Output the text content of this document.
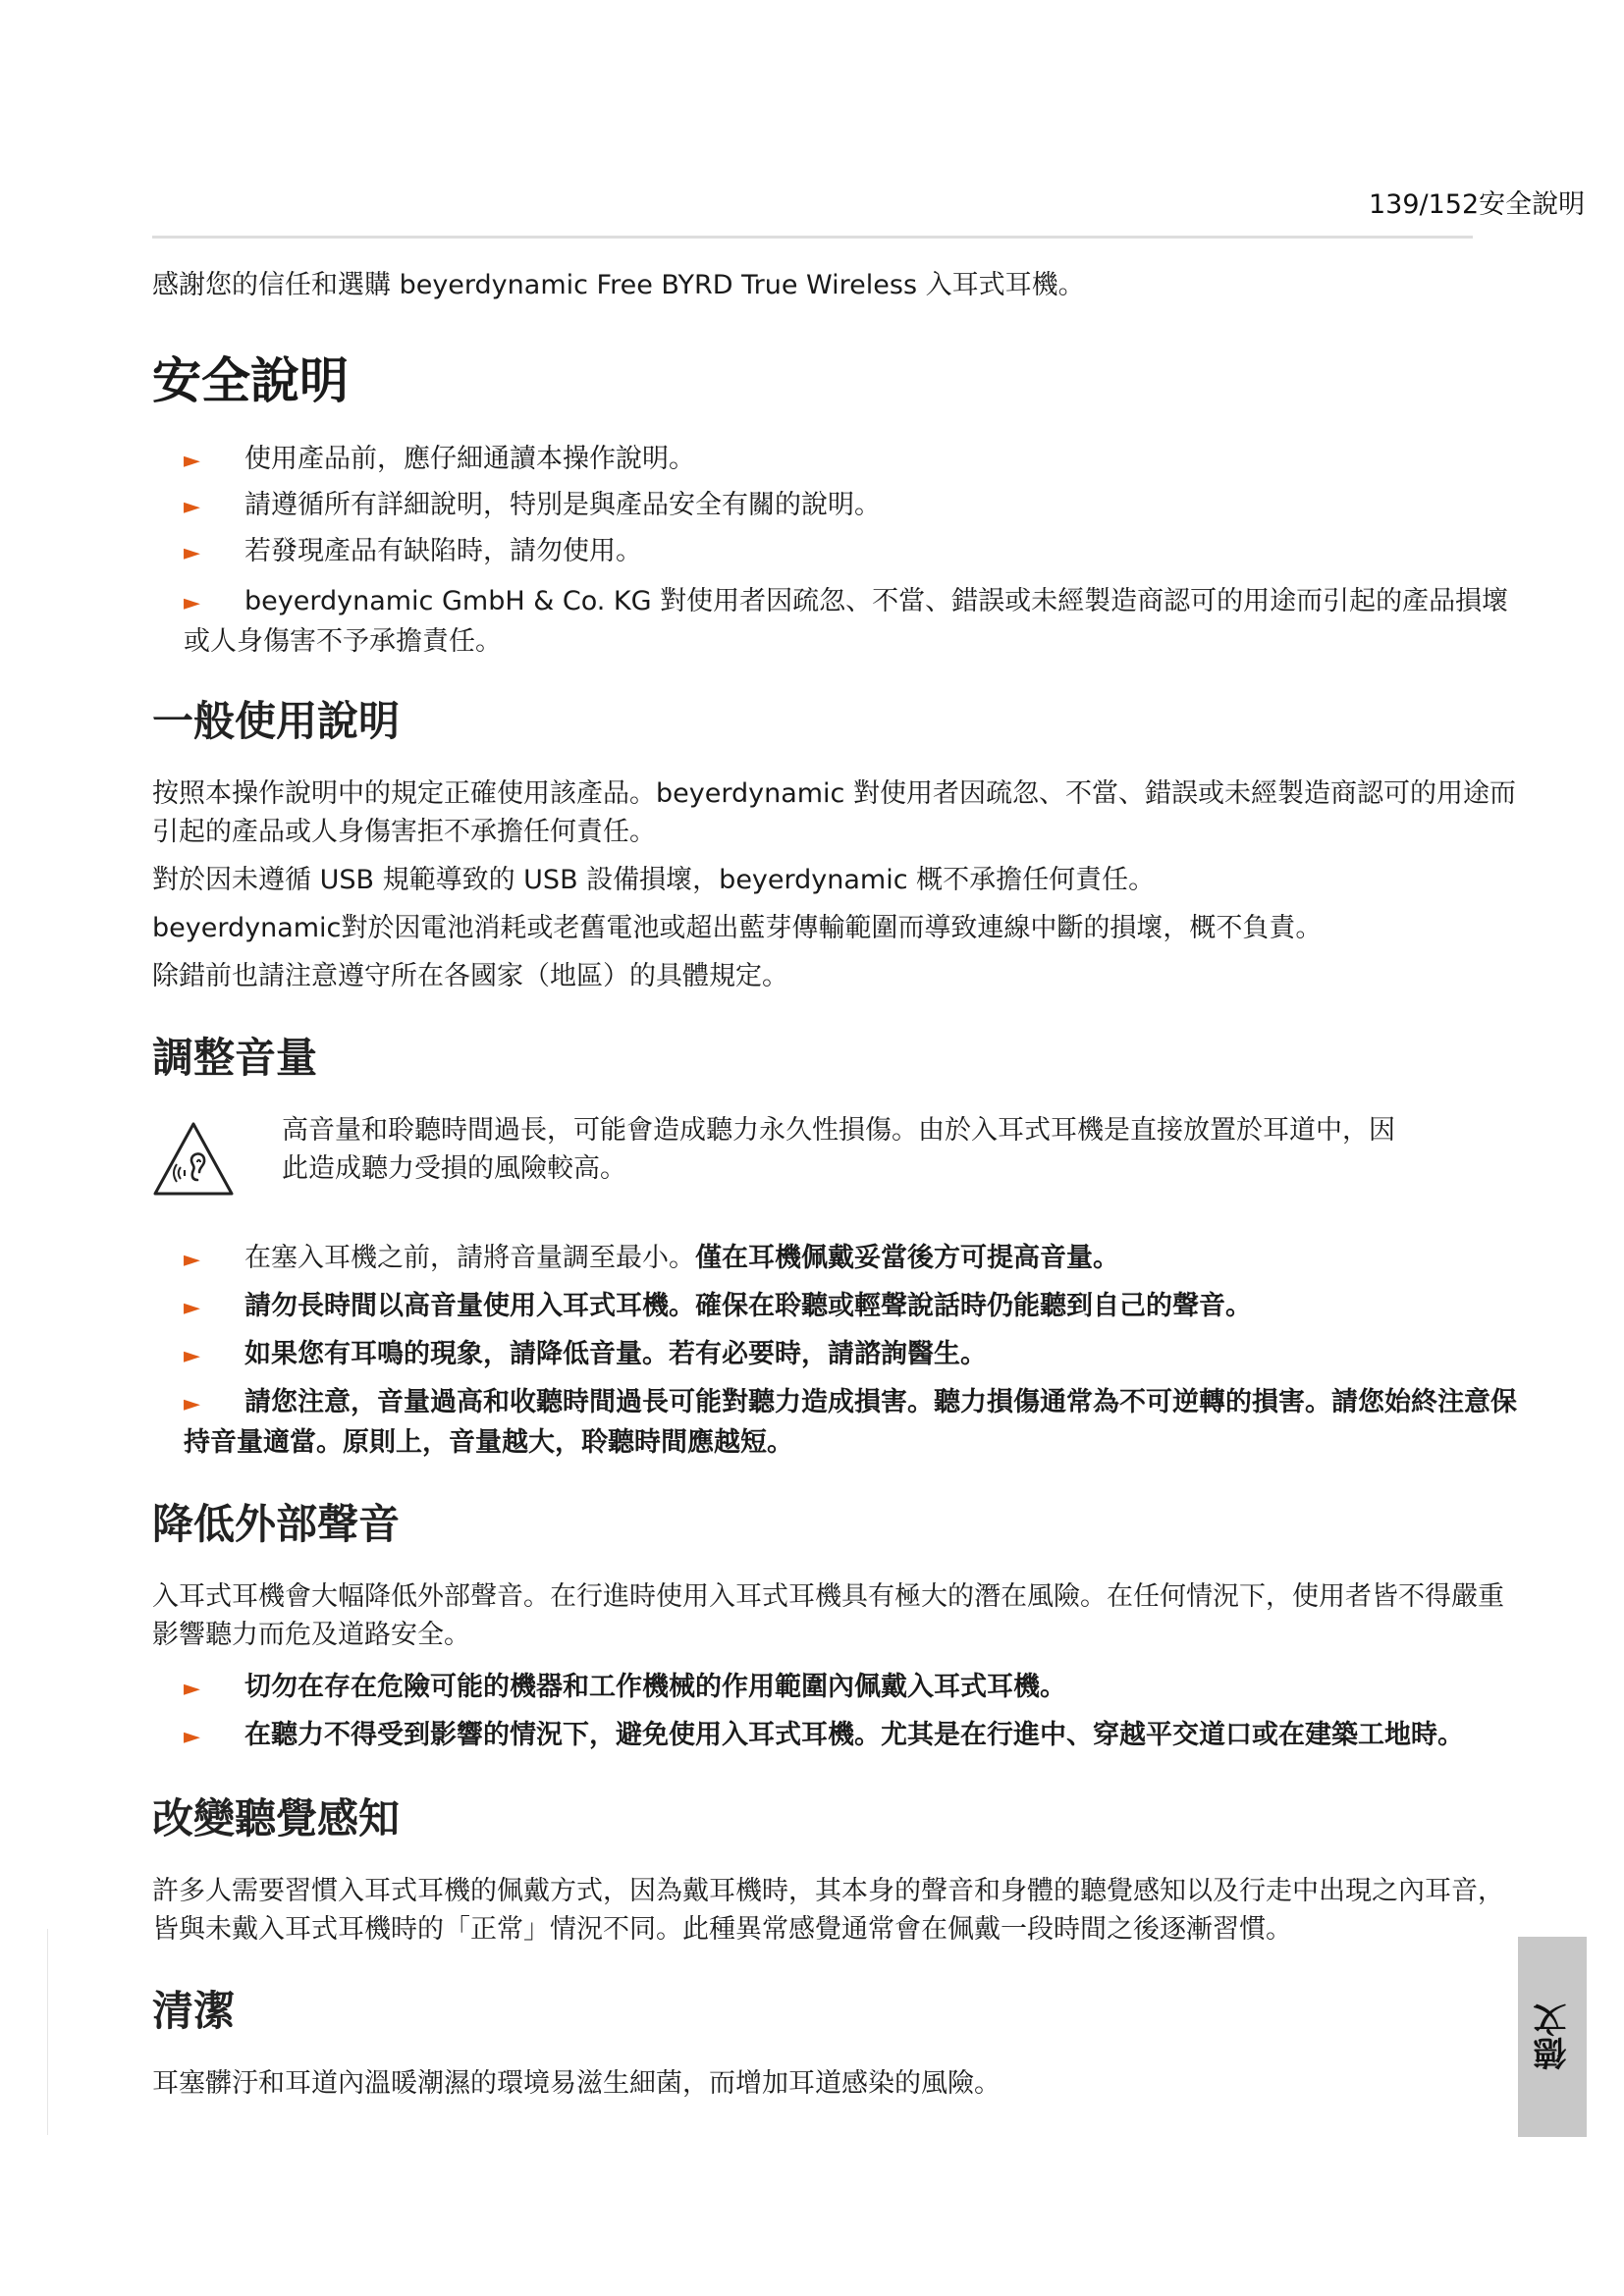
139/152安全說明

感謝您的信任和選購 beyerdynamic Free BYRD True Wireless 入耳式耳機。

安全說明
► 使用產品前，應仔細通讀本操作說明。
► 請遵循所有詳細說明，特別是與產品安全有關的說明。
► 若發現產品有缺陷時，請勿使用。
► beyerdynamic GmbH & Co. KG 對使用者因疏忽、不當、錯誤或未經製造商認可的用途而引起的產品損壞或人身傷害不予承擔責任。
一般使用說明

按照本操作說明中的規定正確使用該產品。beyerdynamic 對使用者因疏忽、不當、錯誤或未經製造商認可的用途而引起的產品或人身傷害拒不承擔任何責任。

對於因未遵循 USB 規範導致的 USB 設備損壞，beyerdynamic 概不承擔任何責任。

beyerdynamic對於因電池消耗或老舊電池或超出藍芽傳輸範圍而導致連線中斷的損壞，概不負責。

除錯前也請注意遵守所在各國家（地區）的具體規定。

調整音量

高音量和聆聽時間過長，可能會造成聽力永久性損傷。由於入耳式耳機是直接放置於耳道中，因此造成聽力受損的風險較高。

► 在塞入耳機之前，請將音量調至最小。僅在耳機佩戴妥當後方可提高音量。
► 請勿長時間以高音量使用入耳式耳機。確保在聆聽或輕聲說話時仍能聽到自己的聲音。
► 如果您有耳鳴的現象，請降低音量。若有必要時，請諮詢醫生。
► 請您注意，音量過高和收聽時間過長可能對聽力造成損害。聽力損傷通常為不可逆轉的損害。請您始終注意保持音量適當。原則上，音量越大，聆聽時間應越短。
降低外部聲音

入耳式耳機會大幅降低外部聲音。在行進時使用入耳式耳機具有極大的潛在風險。在任何情況下，使用者皆不得嚴重影響聽力而危及道路安全。

► 切勿在存在危險可能的機器和工作機械的作用範圍內佩戴入耳式耳機。
► 在聽力不得受到影響的情況下，避免使用入耳式耳機。尤其是在行進中、穿越平交道口或在建築工地時。
改變聽覺感知

許多人需要習慣入耳式耳機的佩戴方式，因為戴耳機時，其本身的聲音和身體的聽覺感知以及行走中出現之內耳音，皆與未戴入耳式耳機時的「正常」情況不同。此種異常感覺通常會在佩戴一段時間之後逐漸習慣。

清潔

耳塞髒汙和耳道內溫暖潮濕的環境易滋生細菌，而增加耳道感染的風險。

德文
